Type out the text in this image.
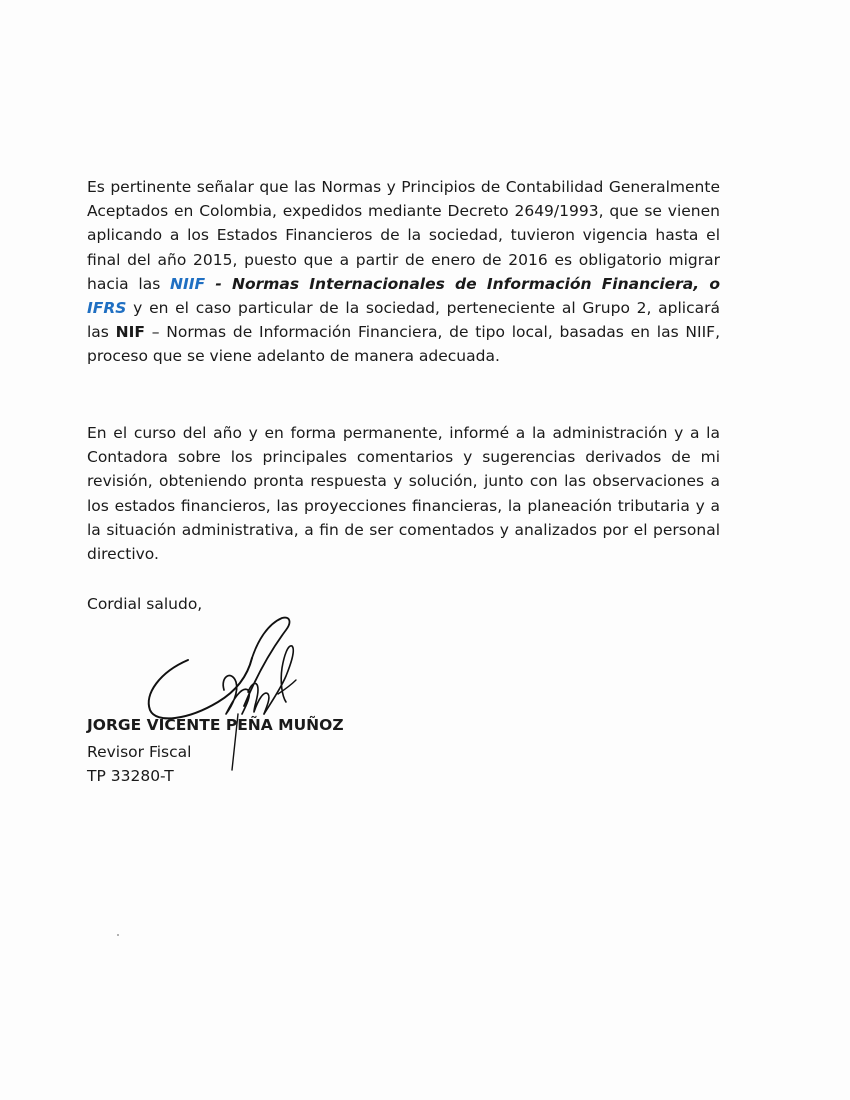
Es pertinente señalar que las Normas y Principios de Contabilidad Generalmente Aceptados en Colombia, expedidos mediante Decreto 2649/1993, que se vienen aplicando a los Estados Financieros de la sociedad, tuvieron vigencia hasta el final del año 2015, puesto que a partir de enero de 2016 es obligatorio migrar hacia las NIIF - Normas Internacionales de Información Financiera, o IFRS y en el caso particular de la sociedad, perteneciente al Grupo 2, aplicará las NIF – Normas de Información Financiera, de tipo local, basadas en las NIIF, proceso que se viene adelanto de manera adecuada.

En el curso del año y en forma permanente, informé a la administración y a la Contadora sobre los principales comentarios y sugerencias derivados de mi revisión, obteniendo pronta respuesta y solución, junto con las observaciones a los estados financieros, las proyecciones financieras, la planeación tributaria y a la situación administrativa, a fin de ser comentados y analizados por el personal directivo.

Cordial saludo,

JORGE VICENTE PEÑA MUÑOZ

Revisor Fiscal

TP 33280-T
